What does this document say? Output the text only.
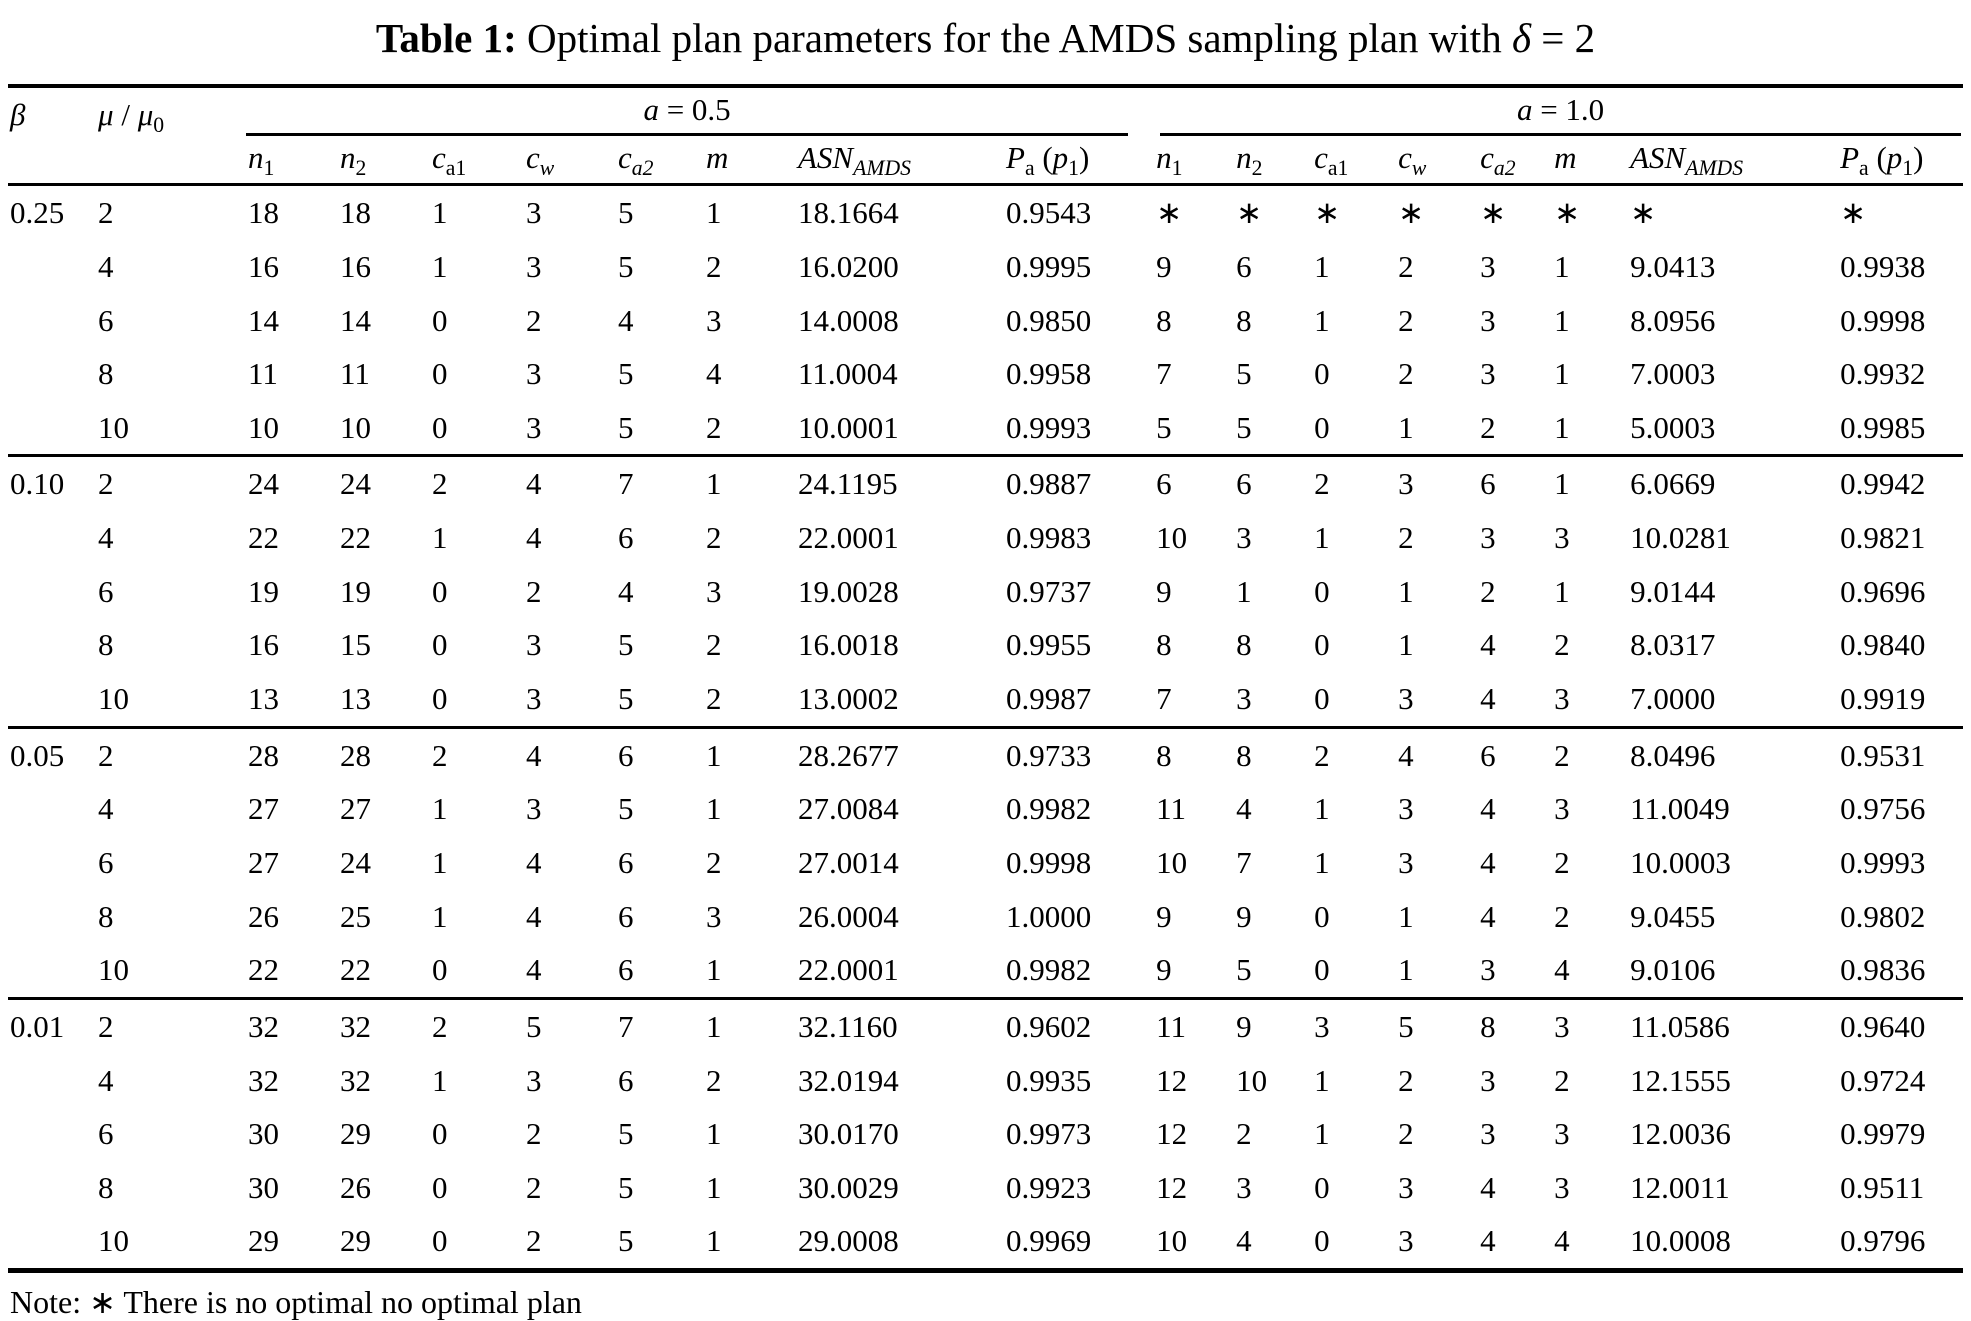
Table 1: Optimal plan parameters for the AMDS sampling plan with δ = 2
β	μ / $\mu_0$	a = 0.5								a = 1.0							

		$n_1$	$n_2$	$c_{a1}$	$c_w$	$c_{a2}$	m	$ASN_{AMDS}$	$P_a$ $(p_1)$	$n_1$	$n_2$	$c_{a1}$	$c_w$	$c_{a2}$	m	$ASN_{AMDS}$	$P_a$ $(p_1)$
0.25	2	18	18	1	3	5	1	18.1664	0.9543	∗	∗	∗	∗	∗	∗	∗	∗
	4	16	16	1	3	5	2	16.0200	0.9995	9	6	1	2	3	1	9.0413	0.9938
	6	14	14	0	2	4	3	14.0008	0.9850	8	8	1	2	3	1	8.0956	0.9998
	8	11	11	0	3	5	4	11.0004	0.9958	7	5	0	2	3	1	7.0003	0.9932
	10	10	10	0	3	5	2	10.0001	0.9993	5	5	0	1	2	1	5.0003	0.9985
0.10	2	24	24	2	4	7	1	24.1195	0.9887	6	6	2	3	6	1	6.0669	0.9942
	4	22	22	1	4	6	2	22.0001	0.9983	10	3	1	2	3	3	10.0281	0.9821
	6	19	19	0	2	4	3	19.0028	0.9737	9	1	0	1	2	1	9.0144	0.9696
	8	16	15	0	3	5	2	16.0018	0.9955	8	8	0	1	4	2	8.0317	0.9840
	10	13	13	0	3	5	2	13.0002	0.9987	7	3	0	3	4	3	7.0000	0.9919
0.05	2	28	28	2	4	6	1	28.2677	0.9733	8	8	2	4	6	2	8.0496	0.9531
	4	27	27	1	3	5	1	27.0084	0.9982	11	4	1	3	4	3	11.0049	0.9756
	6	27	24	1	4	6	2	27.0014	0.9998	10	7	1	3	4	2	10.0003	0.9993
	8	26	25	1	4	6	3	26.0004	1.0000	9	9	0	1	4	2	9.0455	0.9802
	10	22	22	0	4	6	1	22.0001	0.9982	9	5	0	1	3	4	9.0106	0.9836
0.01	2	32	32	2	5	7	1	32.1160	0.9602	11	9	3	5	8	3	11.0586	0.9640
	4	32	32	1	3	6	2	32.0194	0.9935	12	10	1	2	3	2	12.1555	0.9724
	6	30	29	0	2	5	1	30.0170	0.9973	12	2	1	2	3	3	12.0036	0.9979
	8	30	26	0	2	5	1	30.0029	0.9923	12	3	0	3	4	3	12.0011	0.9511
	10	29	29	0	2	5	1	29.0008	0.9969	10	4	0	3	4	4	10.0008	0.9796
Note: ∗ There is no optimal no optimal plan
